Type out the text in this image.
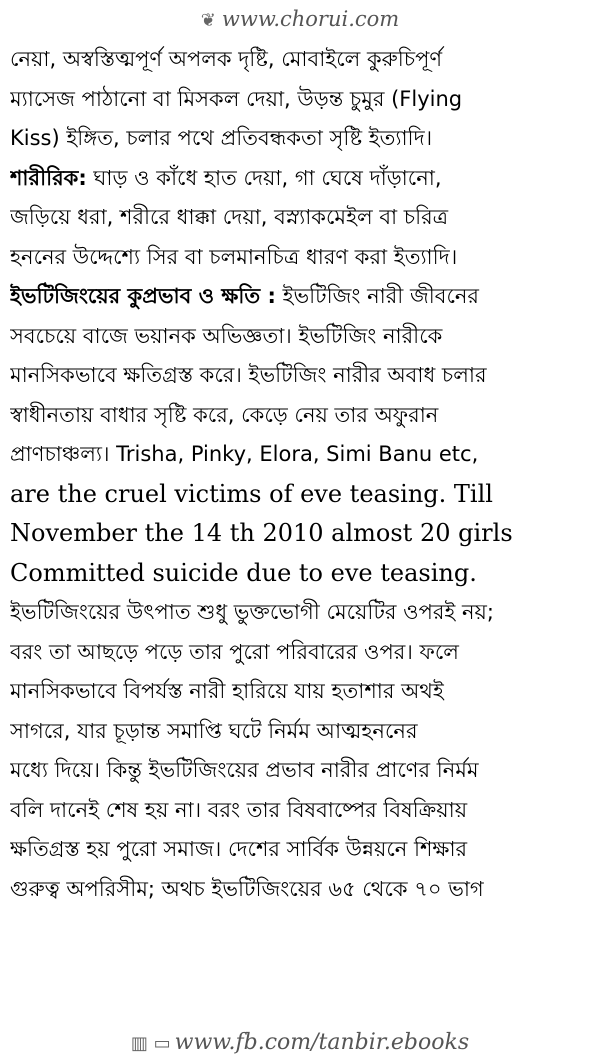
❦ www.chorui.com
নেয়া, অস্বস্তিত্মপূর্ণ অপলক দৃষ্টি, মোবাইলে কুরুচিপূর্ণ
ম্যাসেজ পাঠানো বা মিসকল দেয়া, উড়ন্ত চুমুর (Flying
Kiss) ইঙ্গিত, চলার পথে প্রতিবন্ধকতা সৃষ্টি ইত্যাদি।
শারীরিক: ঘাড় ও কাঁধে হাত দেয়া, গা ঘেষে দাঁড়ানো,
জড়িয়ে ধরা, শরীরে ধাক্কা দেয়া, বস্ন্যাকমেইল বা চরিত্র
হননের উদ্দেশ্যে সির বা চলমানচিত্র ধারণ করা ইত্যাদি।
ইভটিজিংয়ের কুপ্রভাব ও ক্ষতি : ইভটিজিং নারী জীবনের
সবচেয়ে বাজে ভয়ানক অভিজ্ঞতা। ইভটিজিং নারীকে
মানসিকভাবে ক্ষতিগ্রস্ত করে। ইভটিজিং নারীর অবাধ চলার
স্বাধীনতায় বাধার সৃষ্টি করে, কেড়ে নেয় তার অফুরান
প্রাণচাঞ্চল্য। Trisha, Pinky, Elora, Simi Banu etc,
are the cruel victims of eve teasing. Till
November the 14 th 2010 almost 20 girls
Committed suicide due to eve teasing.
ইভটিজিংয়ের উৎপাত শুধু ভুক্তভোগী মেয়েটির ওপরই নয়;
বরং তা আছড়ে পড়ে তার পুরো পরিবারের ওপর। ফলে
মানসিকভাবে বিপর্যস্ত নারী হারিয়ে যায় হতাশার অথই
সাগরে, যার চূড়ান্ত সমাপ্তি ঘটে নির্মম আত্মহননের
মধ্যে দিয়ে। কিন্তু ইভটিজিংয়ের প্রভাব নারীর প্রাণের নির্মম
বলি দানেই শেষ হয় না। বরং তার বিষবাষ্পের বিষক্রিয়ায়
ক্ষতিগ্রস্ত হয় পুরো সমাজ। দেশের সার্বিক উন্নয়নে শিক্ষার
গুরুত্ব অপরিসীম; অথচ ইভটিজিংয়ের ৬৫ থেকে ৭০ ভাগ
▥ ▭ www.fb.com/tanbir.ebooks
